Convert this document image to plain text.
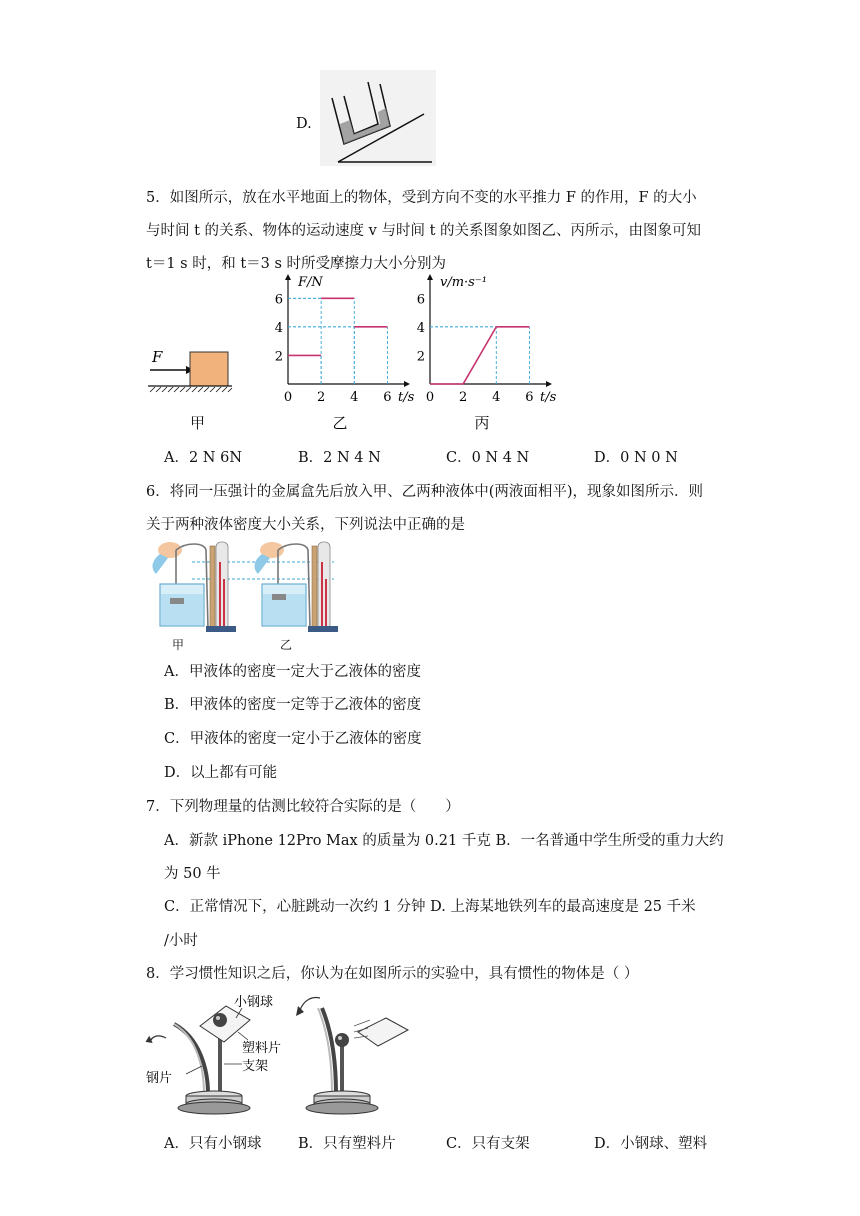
D.
5．如图所示，放在水平地面上的物体，受到方向不变的水平推力 F 的作用，F 的大小
与时间 t 的关系、物体的运动速度 v 与时间 t 的关系图象如图乙、丙所示，由图象可知
t＝1 s 时，和 t＝3 s 时所受摩擦力大小分别为
F
甲
0 2 4 6
2
4
6
F/N
t/s
乙
0 2 4 6
2
4
6
v/m·s⁻¹
t/s
丙
A．2 N 6N	B．2 N 4 N	C．0 N 4 N	D．0 N 0 N
6．将同一压强计的金属盒先后放入甲、乙两种液体中(两液面相平)，现象如图所示．则
关于两种液体密度大小关系，下列说法中正确的是
甲	乙
A．甲液体的密度一定大于乙液体的密度
B．甲液体的密度一定等于乙液体的密度
C．甲液体的密度一定小于乙液体的密度
D．以上都有可能
7．下列物理量的估测比较符合实际的是（　　）
A．新款 iPhone 12Pro Max 的质量为 0.21 千克 B．一名普通中学生所受的重力大约
为 50 牛
C．正常情况下，心脏跳动一次约 1 分钟 D. 上海某地铁列车的最高速度是 25 千米
/小时
8．学习惯性知识之后，你认为在如图所示的实验中，具有惯性的物体是（ ）
小钢球
塑料片
钢片
支架
A．只有小钢球	B．只有塑料片	C．只有支架	D．小钢球、塑料
